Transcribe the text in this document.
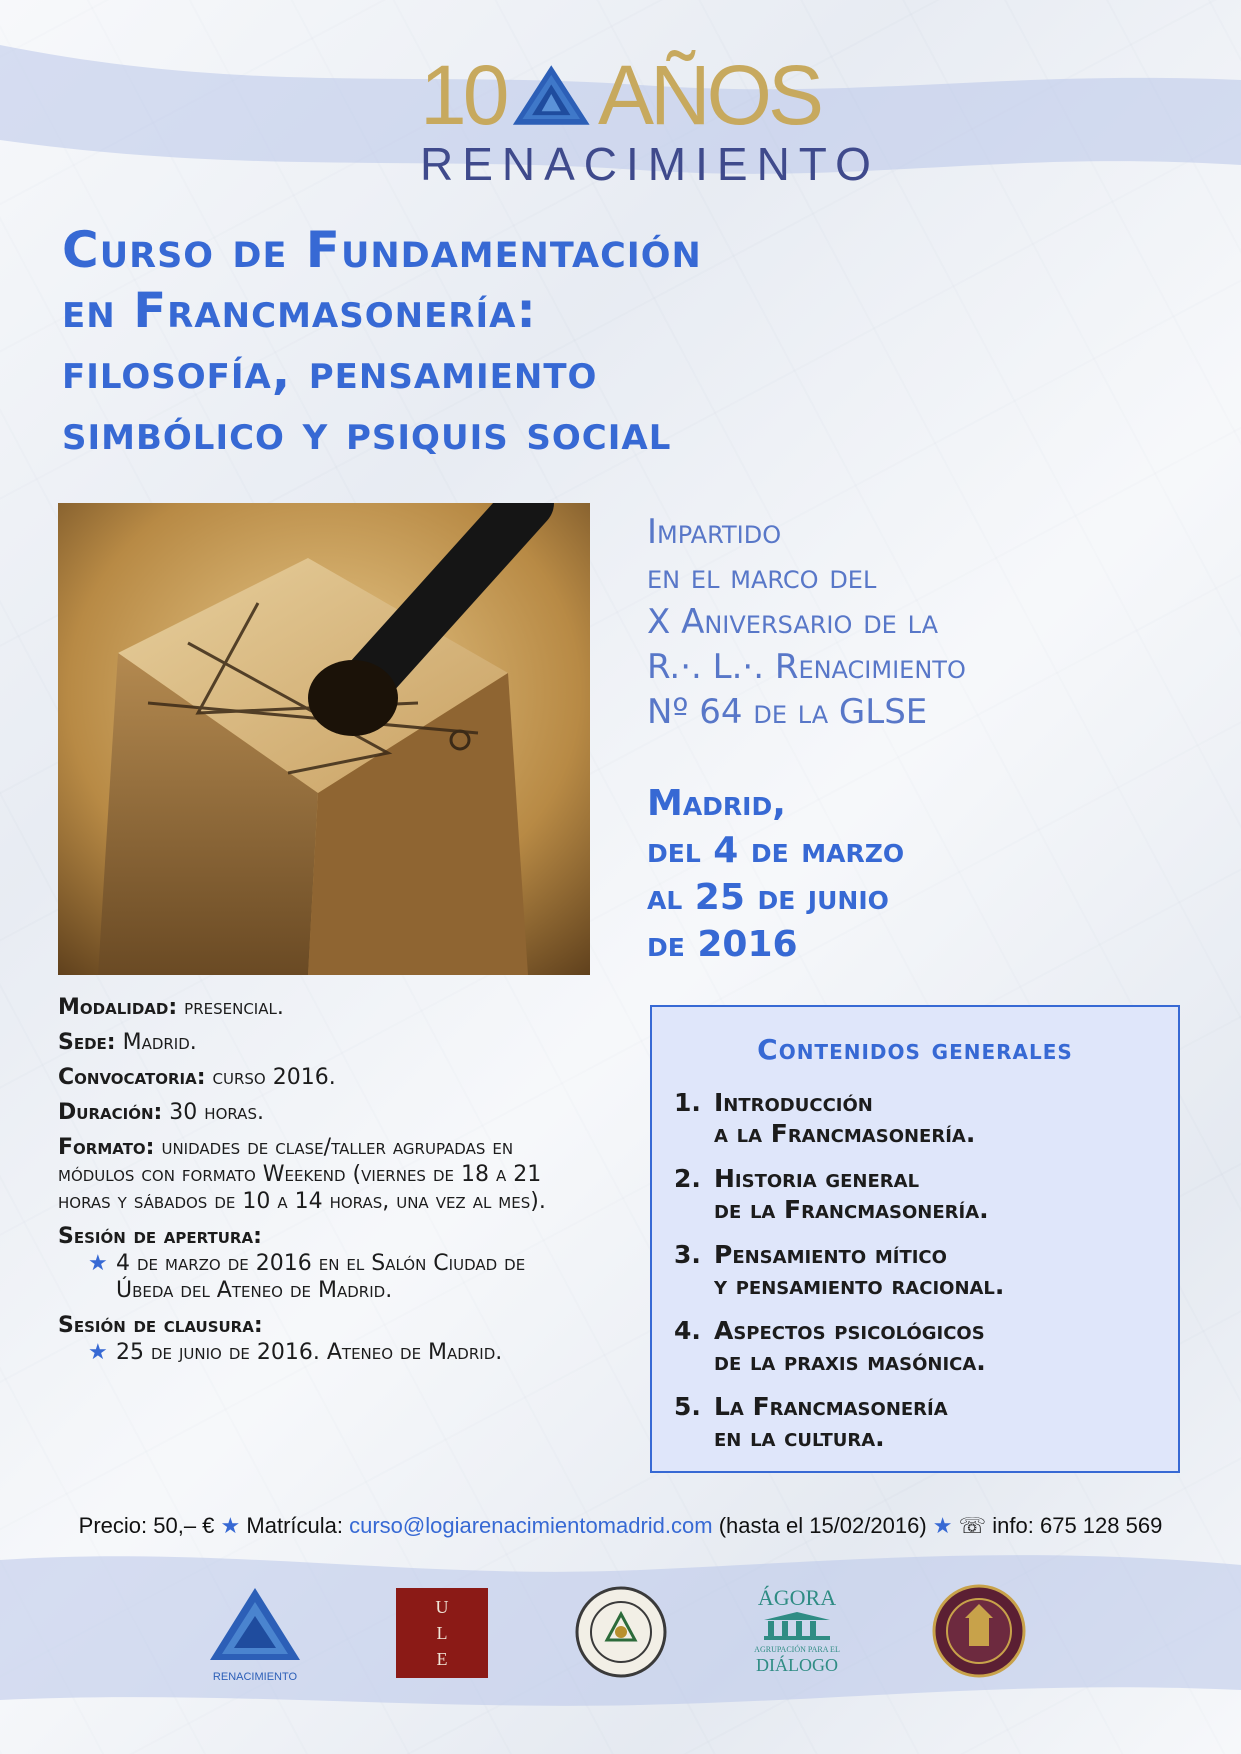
10 AÑOS
RENACIMIENTO
Curso de Fundamentación
en Francmasonería:
filosofía, pensamiento
simbólico y psiquis social
Impartido
en el marco del
X Aniversario de la
R.·. L.·. Renacimiento
Nº 64 de la GLSE
Madrid,
del 4 de marzo
al 25 de junio
de 2016
Modalidad: presencial.
Sede: Madrid.
Convocatoria: curso 2016.
Duración: 30 horas.
Formato: unidades de clase/taller agrupadas en módulos con formato Weekend (viernes de 18 a 21 horas y sábados de 10 a 14 horas, una vez al mes).
Sesión de apertura:
★ 4 de marzo de 2016 en el Salón Ciudad de Úbeda del Ateneo de Madrid.
Sesión de clausura:
★ 25 de junio de 2016. Ateneo de Madrid.
Contenidos generales
1. Introducción
a la Francmasonería.
2. Historia general
de la Francmasonería.
3. Pensamiento mítico
y pensamiento racional.
4. Aspectos psicológicos
de la praxis masónica.
5. La Francmasonería
en la cultura.
Precio: 50,– € ★ Matrícula: curso@logiarenacimientomadrid.com (hasta el 15/02/2016) ★ ☏ info: 675 128 569
RENACIMIENTO
U
L
E
ÁGORA
AGRUPACIÓN PARA EL
DIÁLOGO
